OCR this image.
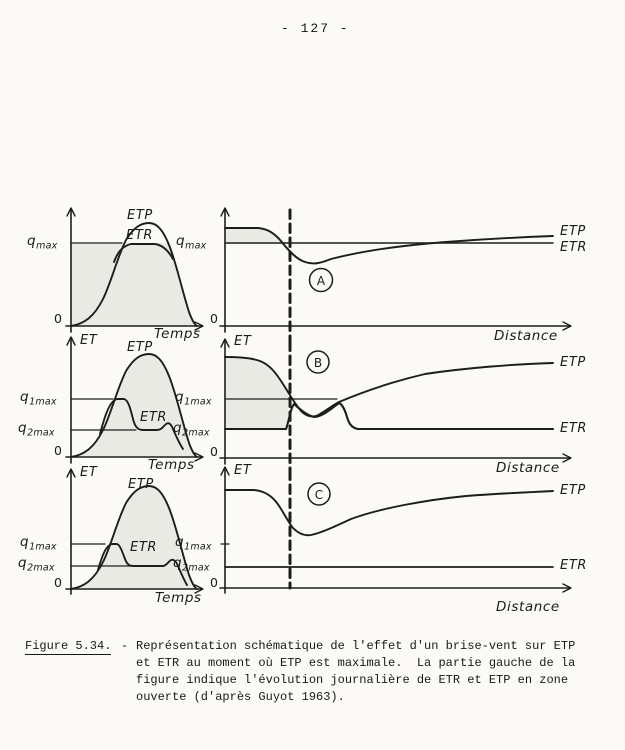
- 127 -
ETP
ETR
$q_{max}$
0
Temps
$q_{max}$
0
ETP
ETR
Distance
A
ET ETP
ETR
$q_{1max}$
$q_{2max}$
0
Temps
ET
$q_{1max}$
$q_{2max}$
0
ETP
ETR
Distance
B
ET
ETP
ETR
$q_{1max}$
$q_{2max}$
0
Temps
ET
$q_{1max}$
$q_{2max}$
0
ETP
ETR
Distance
C
Figure 5.34. - Représentation schématique de l'effet d'un brise-vent sur ETP
et ETR au moment où ETP est maximale.  La partie gauche de la
figure indique l'évolution journalière de ETR et ETP en zone
ouverte (d'après Guyot 1963).
